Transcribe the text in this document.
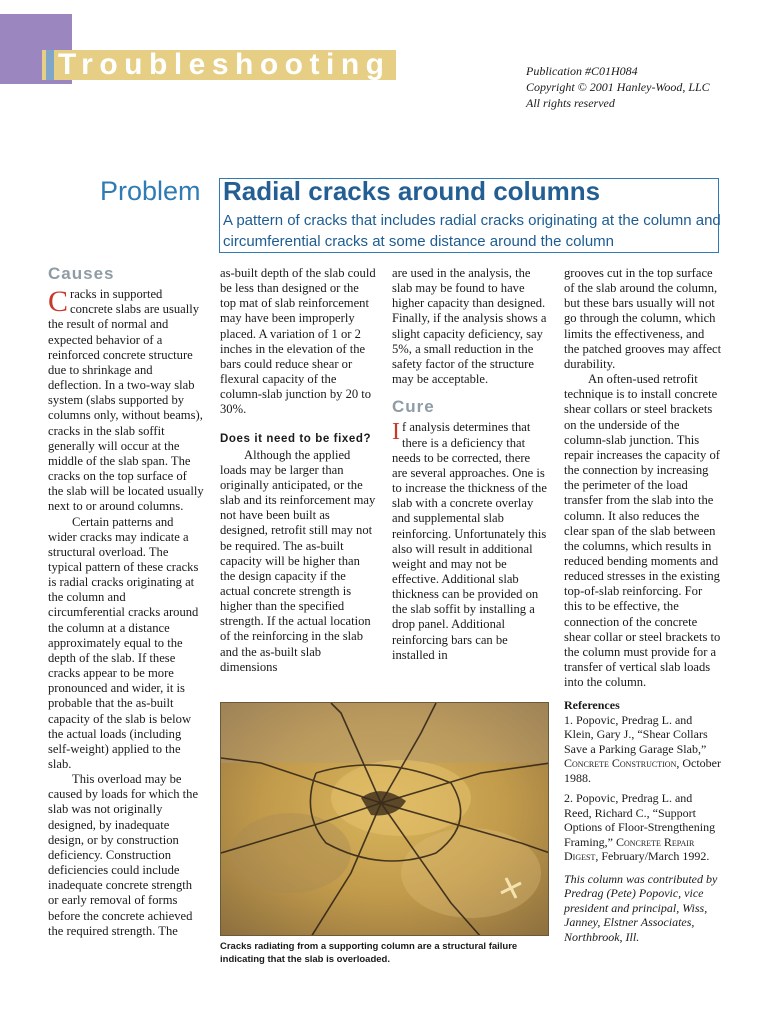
Troubleshooting	Publication #C01H084
Copyright © 2001 Hanley-Wood, LLC
All rights reserved
Problem Radial cracks around columns
A pattern of cracks that includes radial cracks originating at the column and circumferential cracks at some distance around the column
Causes

Cracks in supported concrete slabs are usually the result of normal and expected behavior of a reinforced concrete structure due to shrinkage and deflection. In a two-way slab system (slabs supported by columns only, without beams), cracks in the slab soffit generally will occur at the middle of the slab span. The cracks on the top surface of the slab will be located usually next to or around columns.

Certain patterns and wider cracks may indicate a structural overload. The typical pattern of these cracks is radial cracks originating at the column and circumferential cracks around the column at a distance approximately equal to the depth of the slab. If these cracks appear to be more pronounced and wider, it is probable that the as-built capacity of the slab is below the actual loads (including self-weight) applied to the slab.

This overload may be caused by loads for which the slab was not originally designed, by inadequate design, or by construction deficiency. Construction deficiencies could include inadequate concrete strength or early removal of forms before the concrete achieved the required strength. The

as-built depth of the slab could be less than designed or the top mat of slab reinforcement may have been improperly placed. A variation of 1 or 2 inches in the elevation of the bars could reduce shear or flexural capacity of the column-slab junction by 20 to 30%.

Does it need to be fixed?

Although the applied loads may be larger than originally anticipated, or the slab and its reinforcement may not have been built as designed, retrofit still may not be required. The as-built capacity will be higher than the design capacity if the actual concrete strength is higher than the specified strength. If the actual location of the reinforcing in the slab and the as-built slab dimensions

are used in the analysis, the slab may be found to have higher capacity than designed. Finally, if the analysis shows a slight capacity deficiency, say 5%, a small reduction in the safety factor of the structure may be acceptable.

Cure

If analysis determines that there is a deficiency that needs to be corrected, there are several approaches. One is to increase the thickness of the slab with a concrete overlay and supplemental slab reinforcing. Unfortunately this also will result in additional weight and may not be effective. Additional slab thickness can be provided on the slab soffit by installing a drop panel. Additional reinforcing bars can be installed in

grooves cut in the top surface of the slab around the column, but these bars usually will not go through the column, which limits the effectiveness, and the patched grooves may affect durability.

An often-used retrofit technique is to install concrete shear collars or steel brackets on the underside of the column-slab junction. This repair increases the capacity of the connection by increasing the perimeter of the load transfer from the slab into the column. It also reduces the clear span of the slab between the columns, which results in reduced bending moments and reduced stresses in the existing top-of-slab reinforcing. For this to be effective, the connection of the concrete shear collar or steel brackets to the column must provide for a transfer of vertical slab loads into the column.

References

1. Popovic, Predrag L. and Klein, Gary J., “Shear Collars Save a Parking Garage Slab,” Concrete Construction, October 1988.

2. Popovic, Predrag L. and Reed, Richard C., “Support Options of Floor-Strengthening Framing,” Concrete Repair Digest, February/March 1992.

This column was contributed by Predrag (Pete) Popovic, vice president and principal, Wiss, Janney, Elstner Associates, Northbrook, Ill.

Cracks radiating from a supporting column are a structural failure indicating that the slab is overloaded.
